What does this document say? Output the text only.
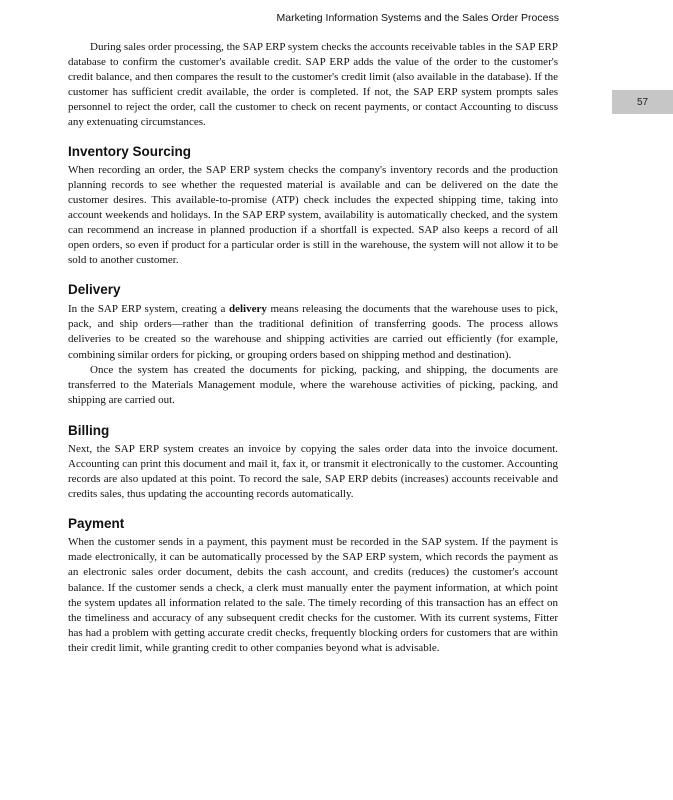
Marketing Information Systems and the Sales Order Process
57

During sales order processing, the SAP ERP system checks the accounts receivable tables in the SAP ERP database to confirm the customer's available credit. SAP ERP adds the value of the order to the customer's credit balance, and then compares the result to the customer's credit limit (also available in the database). If the customer has sufficient credit available, the order is completed. If not, the SAP ERP system prompts sales personnel to reject the order, call the customer to check on recent payments, or contact Accounting to discuss any extenuating circumstances.

Inventory Sourcing

When recording an order, the SAP ERP system checks the company's inventory records and the production planning records to see whether the requested material is available and can be delivered on the date the customer desires. This available-to-promise (ATP) check includes the expected shipping time, taking into account weekends and holidays. In the SAP ERP system, availability is automatically checked, and the system can recommend an increase in planned production if a shortfall is expected. SAP also keeps a record of all open orders, so even if product for a particular order is still in the warehouse, the system will not allow it to be sold to another customer.

Delivery

In the SAP ERP system, creating a delivery means releasing the documents that the warehouse uses to pick, pack, and ship orders—rather than the traditional definition of transferring goods. The process allows deliveries to be created so the warehouse and shipping activities are carried out efficiently (for example, combining similar orders for picking, or grouping orders based on shipping method and destination).

Once the system has created the documents for picking, packing, and shipping, the documents are transferred to the Materials Management module, where the warehouse activities of picking, packing, and shipping are carried out.

Billing

Next, the SAP ERP system creates an invoice by copying the sales order data into the invoice document. Accounting can print this document and mail it, fax it, or transmit it electronically to the customer. Accounting records are also updated at this point. To record the sale, SAP ERP debits (increases) accounts receivable and credits sales, thus updating the accounting records automatically.

Payment

When the customer sends in a payment, this payment must be recorded in the SAP system. If the payment is made electronically, it can be automatically processed by the SAP ERP system, which records the payment as an electronic sales order document, debits the cash account, and credits (reduces) the customer's account balance. If the customer sends a check, a clerk must manually enter the payment information, at which point the system updates all information related to the sale. The timely recording of this transaction has an effect on the timeliness and accuracy of any subsequent credit checks for the customer. With its current systems, Fitter has had a problem with getting accurate credit checks, frequently blocking orders for customers that are within their credit limit, while granting credit to other companies beyond what is advisable.
